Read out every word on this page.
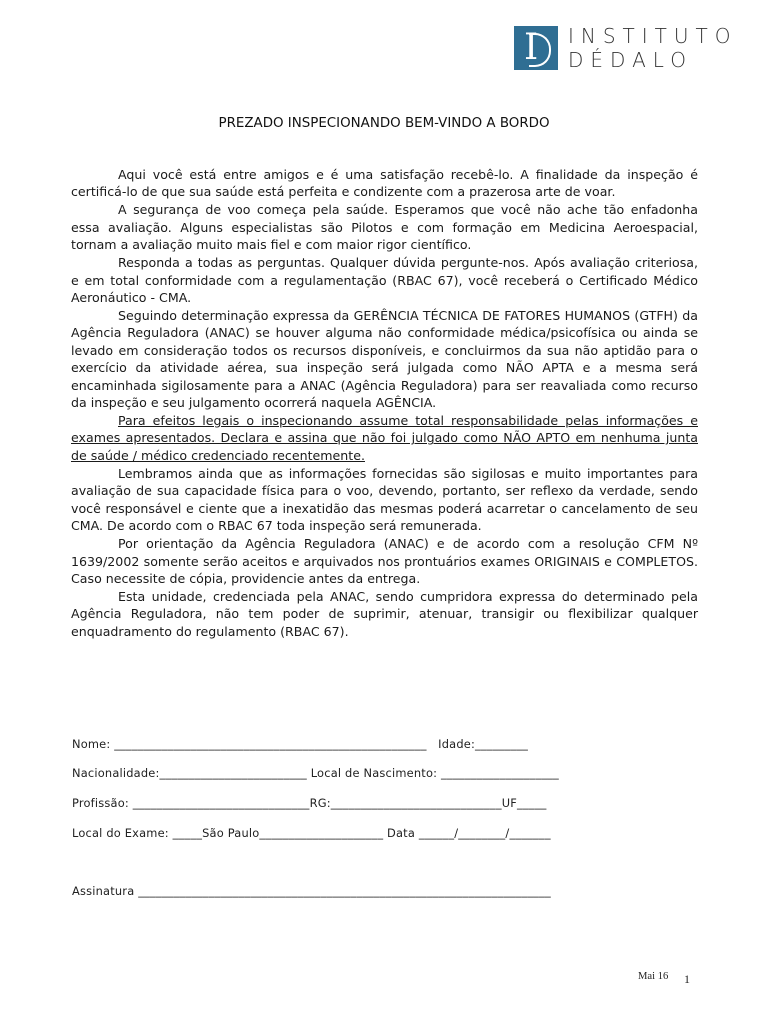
I INSTITUTO
DÉDALO
PREZADO INSPECIONANDO BEM-VINDO A BORDO

Aqui você está entre amigos e é uma satisfação recebê-lo. A finalidade da inspeção é certificá-lo de que sua saúde está perfeita e condizente com a prazerosa arte de voar.

A segurança de voo começa pela saúde. Esperamos que você não ache tão enfadonha essa avaliação. Alguns especialistas são Pilotos e com formação em Medicina Aeroespacial, tornam a avaliação muito mais fiel e com maior rigor científico.

Responda a todas as perguntas. Qualquer dúvida pergunte-nos. Após avaliação criteriosa, e em total conformidade com a regulamentação (RBAC 67), você receberá o Certificado Médico Aeronáutico - CMA.

Seguindo determinação expressa da GERÊNCIA TÉCNICA DE FATORES HUMANOS (GTFH) da Agência Reguladora (ANAC) se houver alguma não conformidade médica/psicofísica ou ainda se levado em consideração todos os recursos disponíveis, e concluirmos da sua não aptidão para o exercício da atividade aérea, sua inspeção será julgada como NÃO APTA e a mesma será encaminhada sigilosamente para a ANAC (Agência Reguladora) para ser reavaliada como recurso da inspeção e seu julgamento ocorrerá naquela AGÊNCIA.

Para efeitos legais o inspecionando assume total responsabilidade pelas informações e exames apresentados. Declara e assina que não foi julgado como NÃO APTO em nenhuma junta de saúde / médico credenciado recentemente.

Lembramos ainda que as informações fornecidas são sigilosas e muito importantes para avaliação de sua capacidade física para o voo, devendo, portanto, ser reflexo da verdade, sendo você responsável e ciente que a inexatidão das mesmas poderá acarretar o cancelamento de seu CMA. De acordo com o RBAC 67 toda inspeção será remunerada.

Por orientação da Agência Reguladora (ANAC) e de acordo com a resolução CFM Nº 1639/2002 somente serão aceitos e arquivados nos prontuários exames ORIGINAIS e COMPLETOS. Caso necessite de cópia, providencie antes da entrega.

Esta unidade, credenciada pela ANAC, sendo cumpridora expressa do determinado pela Agência Reguladora, não tem poder de suprimir, atenuar, transigir ou flexibilizar qualquer enquadramento do regulamento (RBAC 67).

Nome: _____________________________________________________   Idade:_________
Nacionalidade:_________________________ Local de Nascimento: ____________________
Profissão: ______________________________RG:_____________________________UF_____
Local do Exame: _____São Paulo_____________________ Data ______/________/_______
Assinatura ______________________________________________________________________
Mai 16 1
